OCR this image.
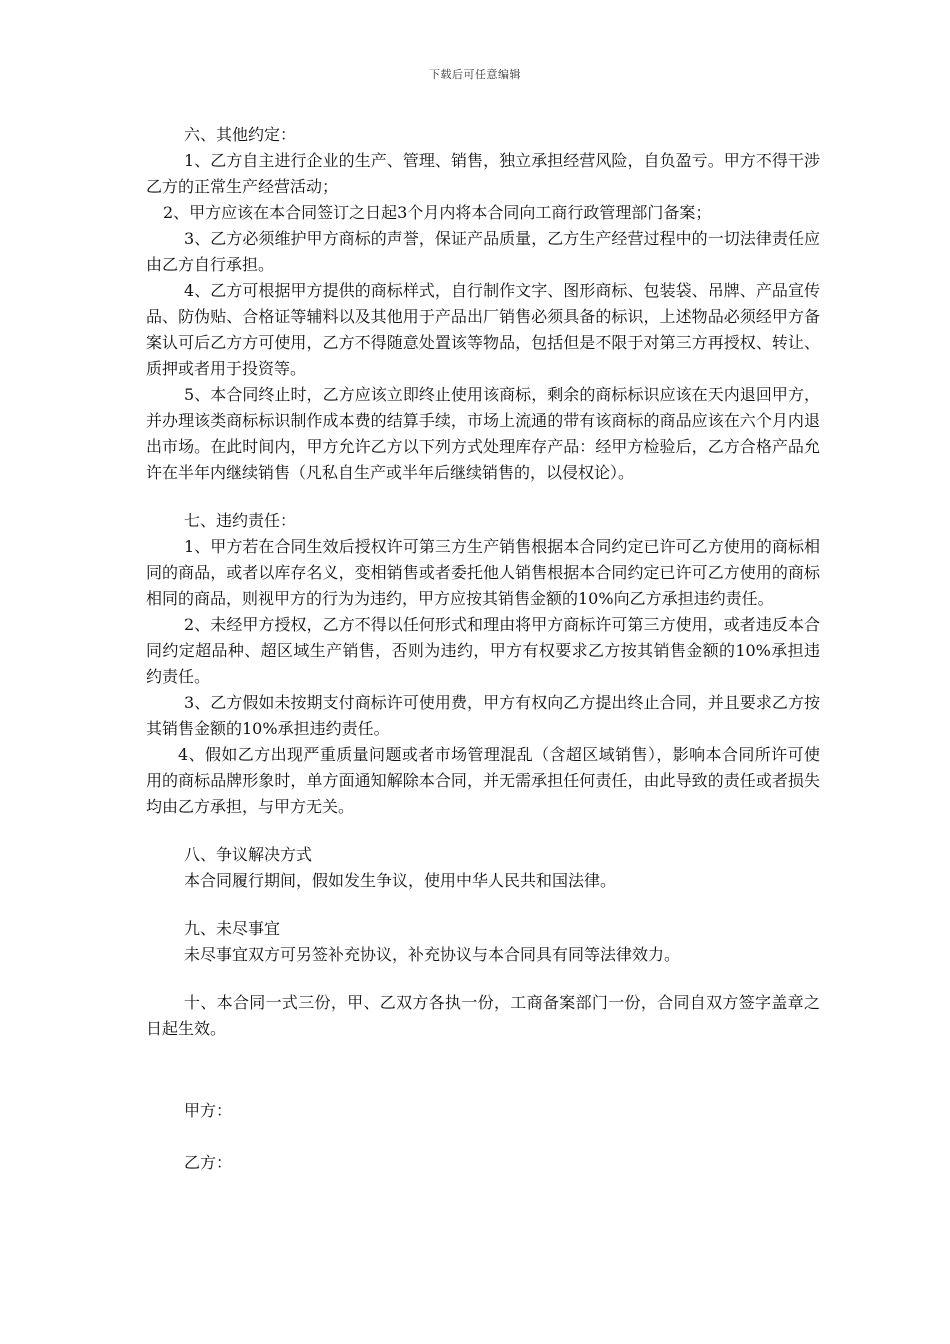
下载后可任意编辑

六、其他约定：

1、乙方自主进行企业的生产、管理、销售，独立承担经营风险，自负盈亏。甲方不得干涉乙方的正常生产经营活动；

2、甲方应该在本合同签订之日起3个月内将本合同向工商行政管理部门备案；

3、乙方必须维护甲方商标的声誉，保证产品质量，乙方生产经营过程中的一切法律责任应由乙方自行承担。

4、乙方可根据甲方提供的商标样式，自行制作文字、图形商标、包装袋、吊牌、产品宣传品、防伪贴、合格证等辅料以及其他用于产品出厂销售必须具备的标识，上述物品必须经甲方备案认可后乙方方可使用，乙方不得随意处置该等物品，包括但是不限于对第三方再授权、转让、质押或者用于投资等。

5、本合同终止时，乙方应该立即终止使用该商标，剩余的商标标识应该在天内退回甲方，并办理该类商标标识制作成本费的结算手续，市场上流通的带有该商标的商品应该在六个月内退出市场。在此时间内，甲方允许乙方以下列方式处理库存产品：经甲方检验后，乙方合格产品允许在半年内继续销售（凡私自生产或半年后继续销售的，以侵权论）。

七、违约责任：

1、甲方若在合同生效后授权许可第三方生产销售根据本合同约定已许可乙方使用的商标相同的商品，或者以库存名义，变相销售或者委托他人销售根据本合同约定已许可乙方使用的商标相同的商品，则视甲方的行为为违约，甲方应按其销售金额的10%向乙方承担违约责任。

2、未经甲方授权，乙方不得以任何形式和理由将甲方商标许可第三方使用，或者违反本合同约定超品种、超区域生产销售，否则为违约，甲方有权要求乙方按其销售金额的10%承担违约责任。

3、乙方假如未按期支付商标许可使用费，甲方有权向乙方提出终止合同，并且要求乙方按其销售金额的10%承担违约责任。

4、假如乙方出现严重质量问题或者市场管理混乱（含超区域销售），影响本合同所许可使用的商标品牌形象时，单方面通知解除本合同，并无需承担任何责任，由此导致的责任或者损失均由乙方承担，与甲方无关。

八、争议解决方式

本合同履行期间，假如发生争议，使用中华人民共和国法律。

九、未尽事宜

未尽事宜双方可另签补充协议，补充协议与本合同具有同等法律效力。

十、本合同一式三份，甲、乙双方各执一份，工商备案部门一份，合同自双方签字盖章之日起生效。

甲方：

乙方：
